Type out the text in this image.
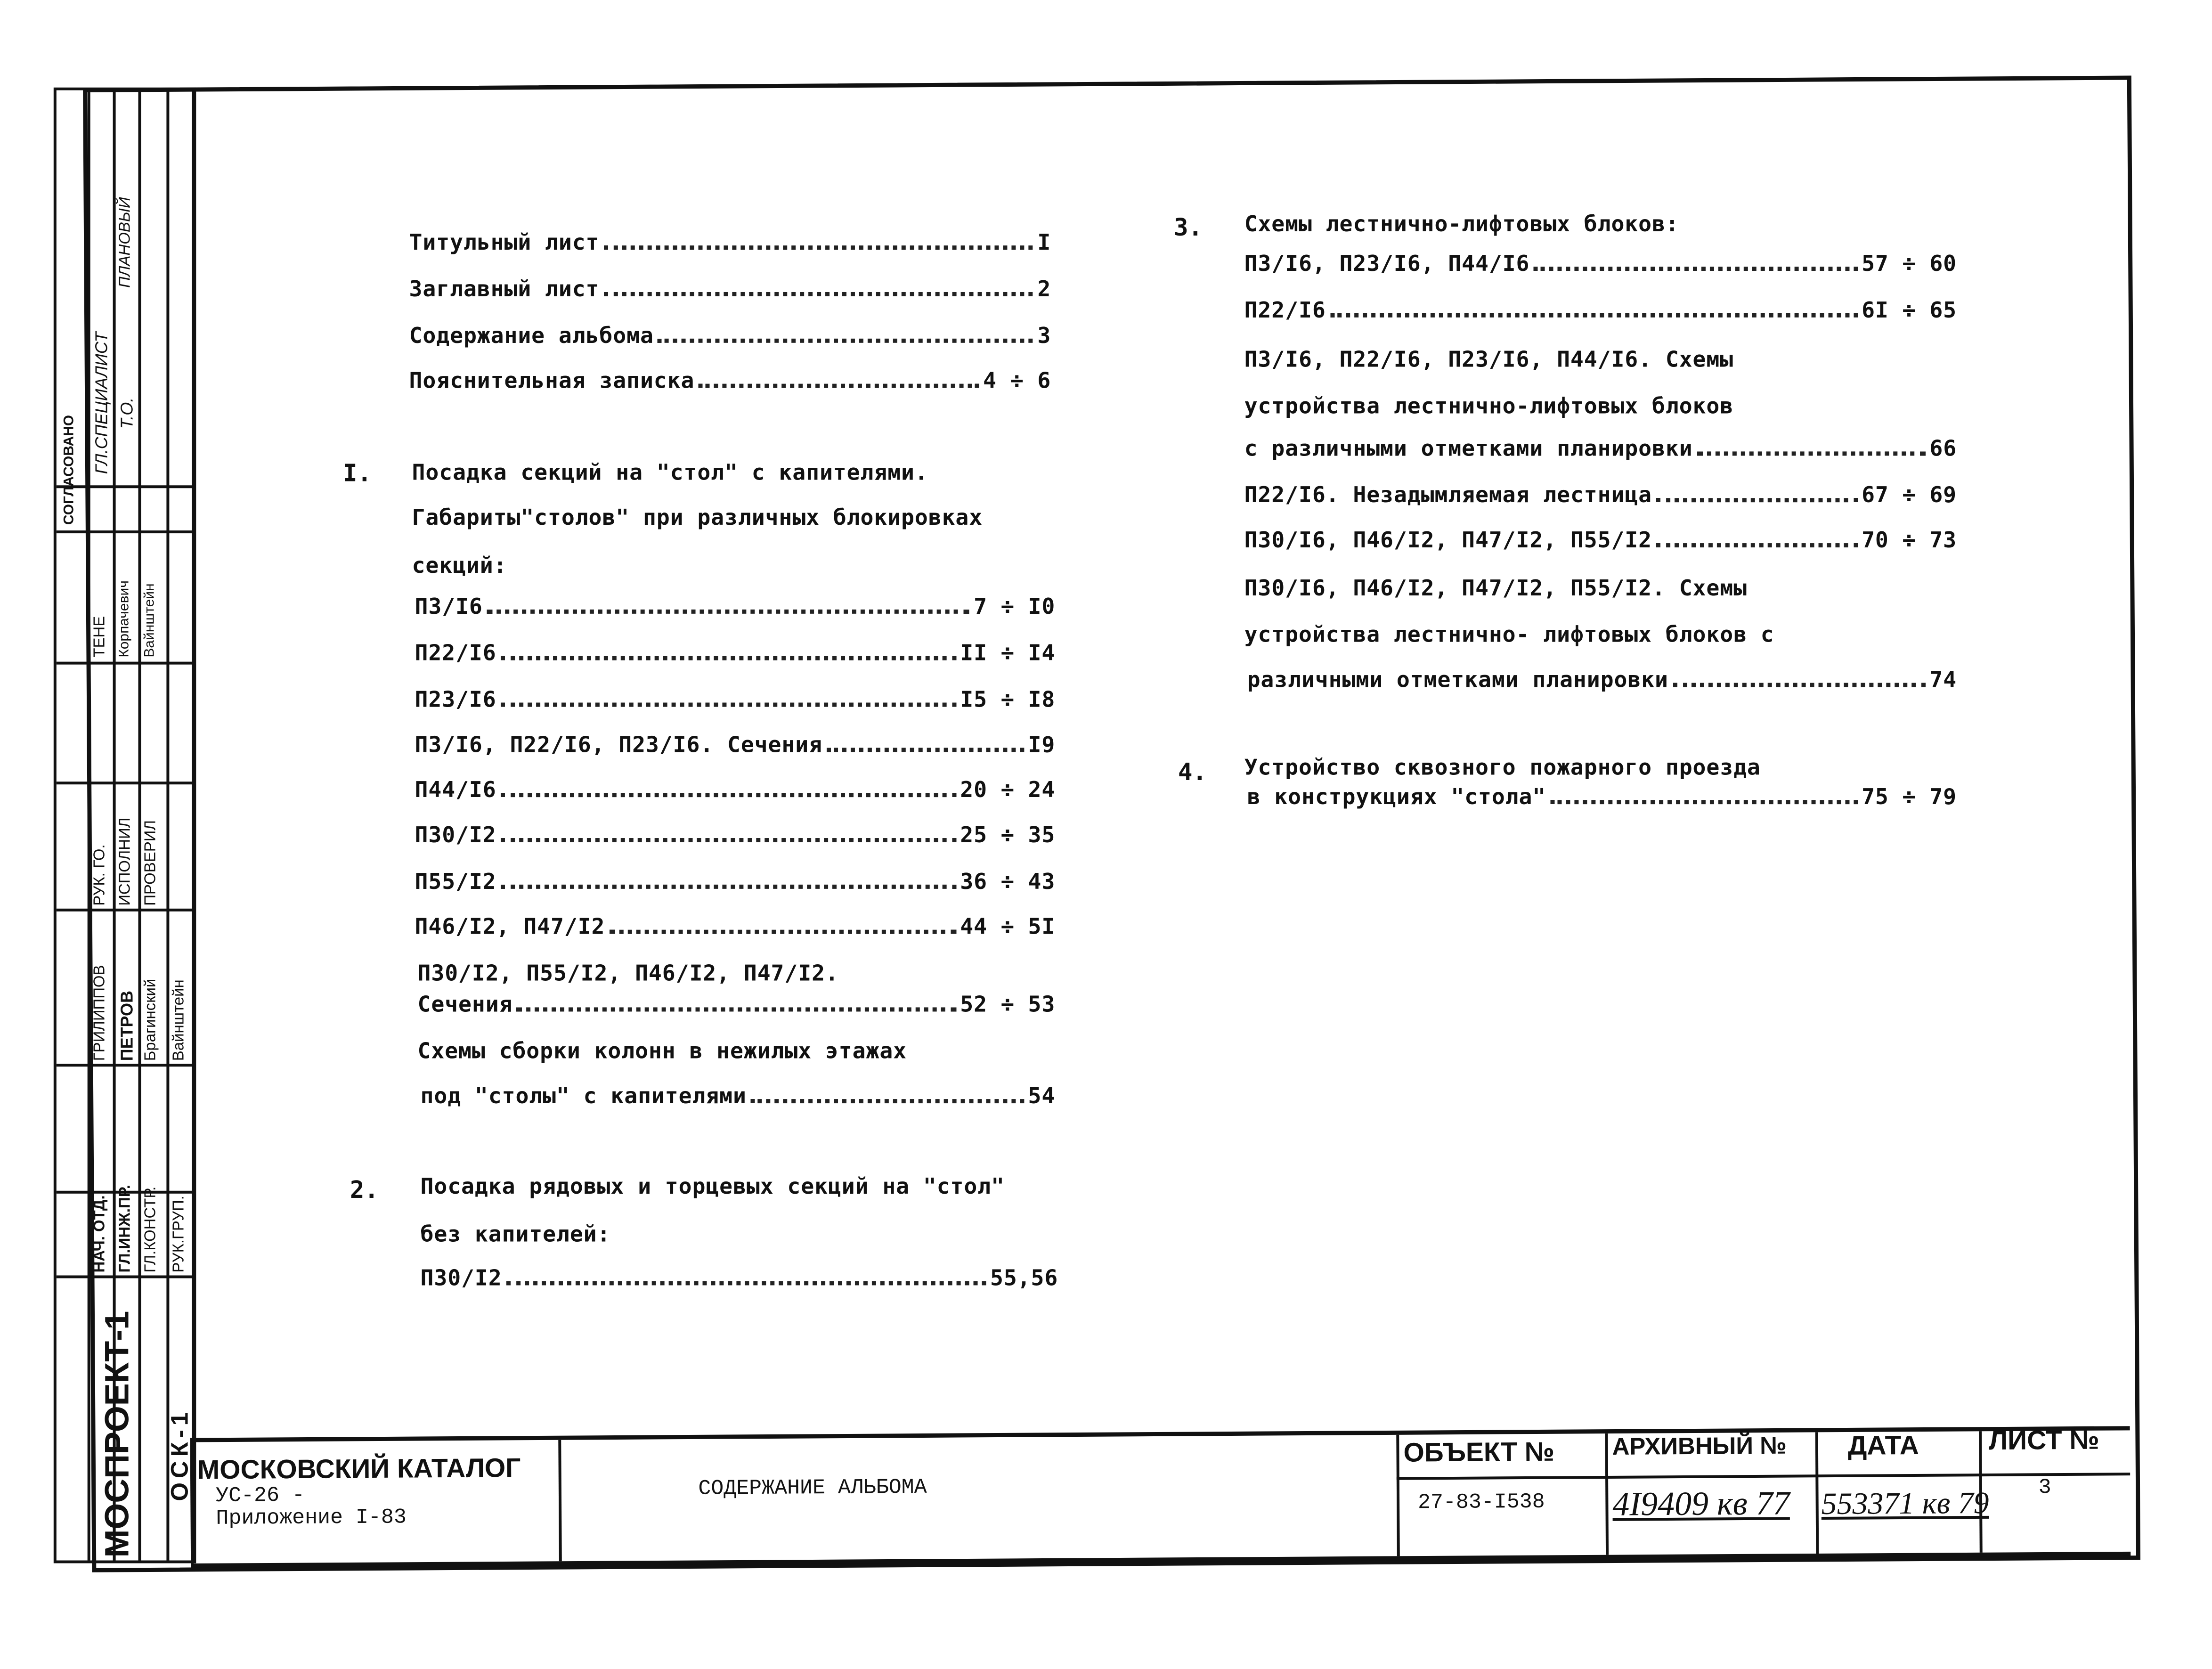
МОСПРОЕКТ-1	ОСК-1
СОГЛАСОВАНО
НАЧ. ОТД. ГЛ.ИНЖ.ПР. ГЛ.КОНСТР. РУК.ГРУП.
ГРИЛИППОВ ПЕТРОВ Брагинский Вайнштейн
РУК. ГО. ИСПОЛНИЛ ПРОВЕРИЛ
ТЕНЕ Корпачевич Вайнштейн
ГЛ.СПЕЦИАЛИСТ Т.О.
ПЛАНОВЫЙ	Титульный лист	I
Заглавный лист	2
Содержание альбома	3
Пояснительная записка	4 ÷ 6
I.	Посадка секций на "стол" с капителями.
Габариты"столов" при различных блокировках
секций:
П3/I6	7 ÷ I0
П22/I6	II ÷ I4
П23/I6	I5 ÷ I8
П3/I6, П22/I6, П23/I6. Сечения	I9
П44/I6	20 ÷ 24
П30/I2	25 ÷ 35
П55/I2	36 ÷ 43
П46/I2, П47/I2	44 ÷ 5I
П30/I2, П55/I2, П46/I2, П47/I2.
Сечения	52 ÷ 53
Схемы сборки колонн в нежилых этажах
под "столы" с капителями	54
2.	Посадка рядовых и торцевых секций на "стол"
без капителей:
П30/I2	55,56
3.	Схемы лестнично-лифтовых блоков:
П3/I6, П23/I6, П44/I6	57 ÷ 60
П22/I6	6I ÷ 65
П3/I6, П22/I6, П23/I6, П44/I6. Схемы
устройства лестнично-лифтовых блоков
с различными отметками планировки	66
П22/I6. Незадымляемая лестница	67 ÷ 69
П30/I6, П46/I2, П47/I2, П55/I2	70 ÷ 73
П30/I6, П46/I2, П47/I2, П55/I2. Схемы
устройства лестнично- лифтовых блоков с
различными отметками планировки	74
4.	Устройство сквозного пожарного проезда
в конструкциях "стола"	75 ÷ 79
МОСКОВСКИЙ КАТАЛОГ
УС-26 -
Приложение I-83
СОДЕРЖАНИЕ АЛЬБОМА
ОБЪЕКТ №
27-83-I538
АРХИВНЫЙ №
4I9409 кв 77
ДАТА
553371 кв 79
ЛИСТ №
3
